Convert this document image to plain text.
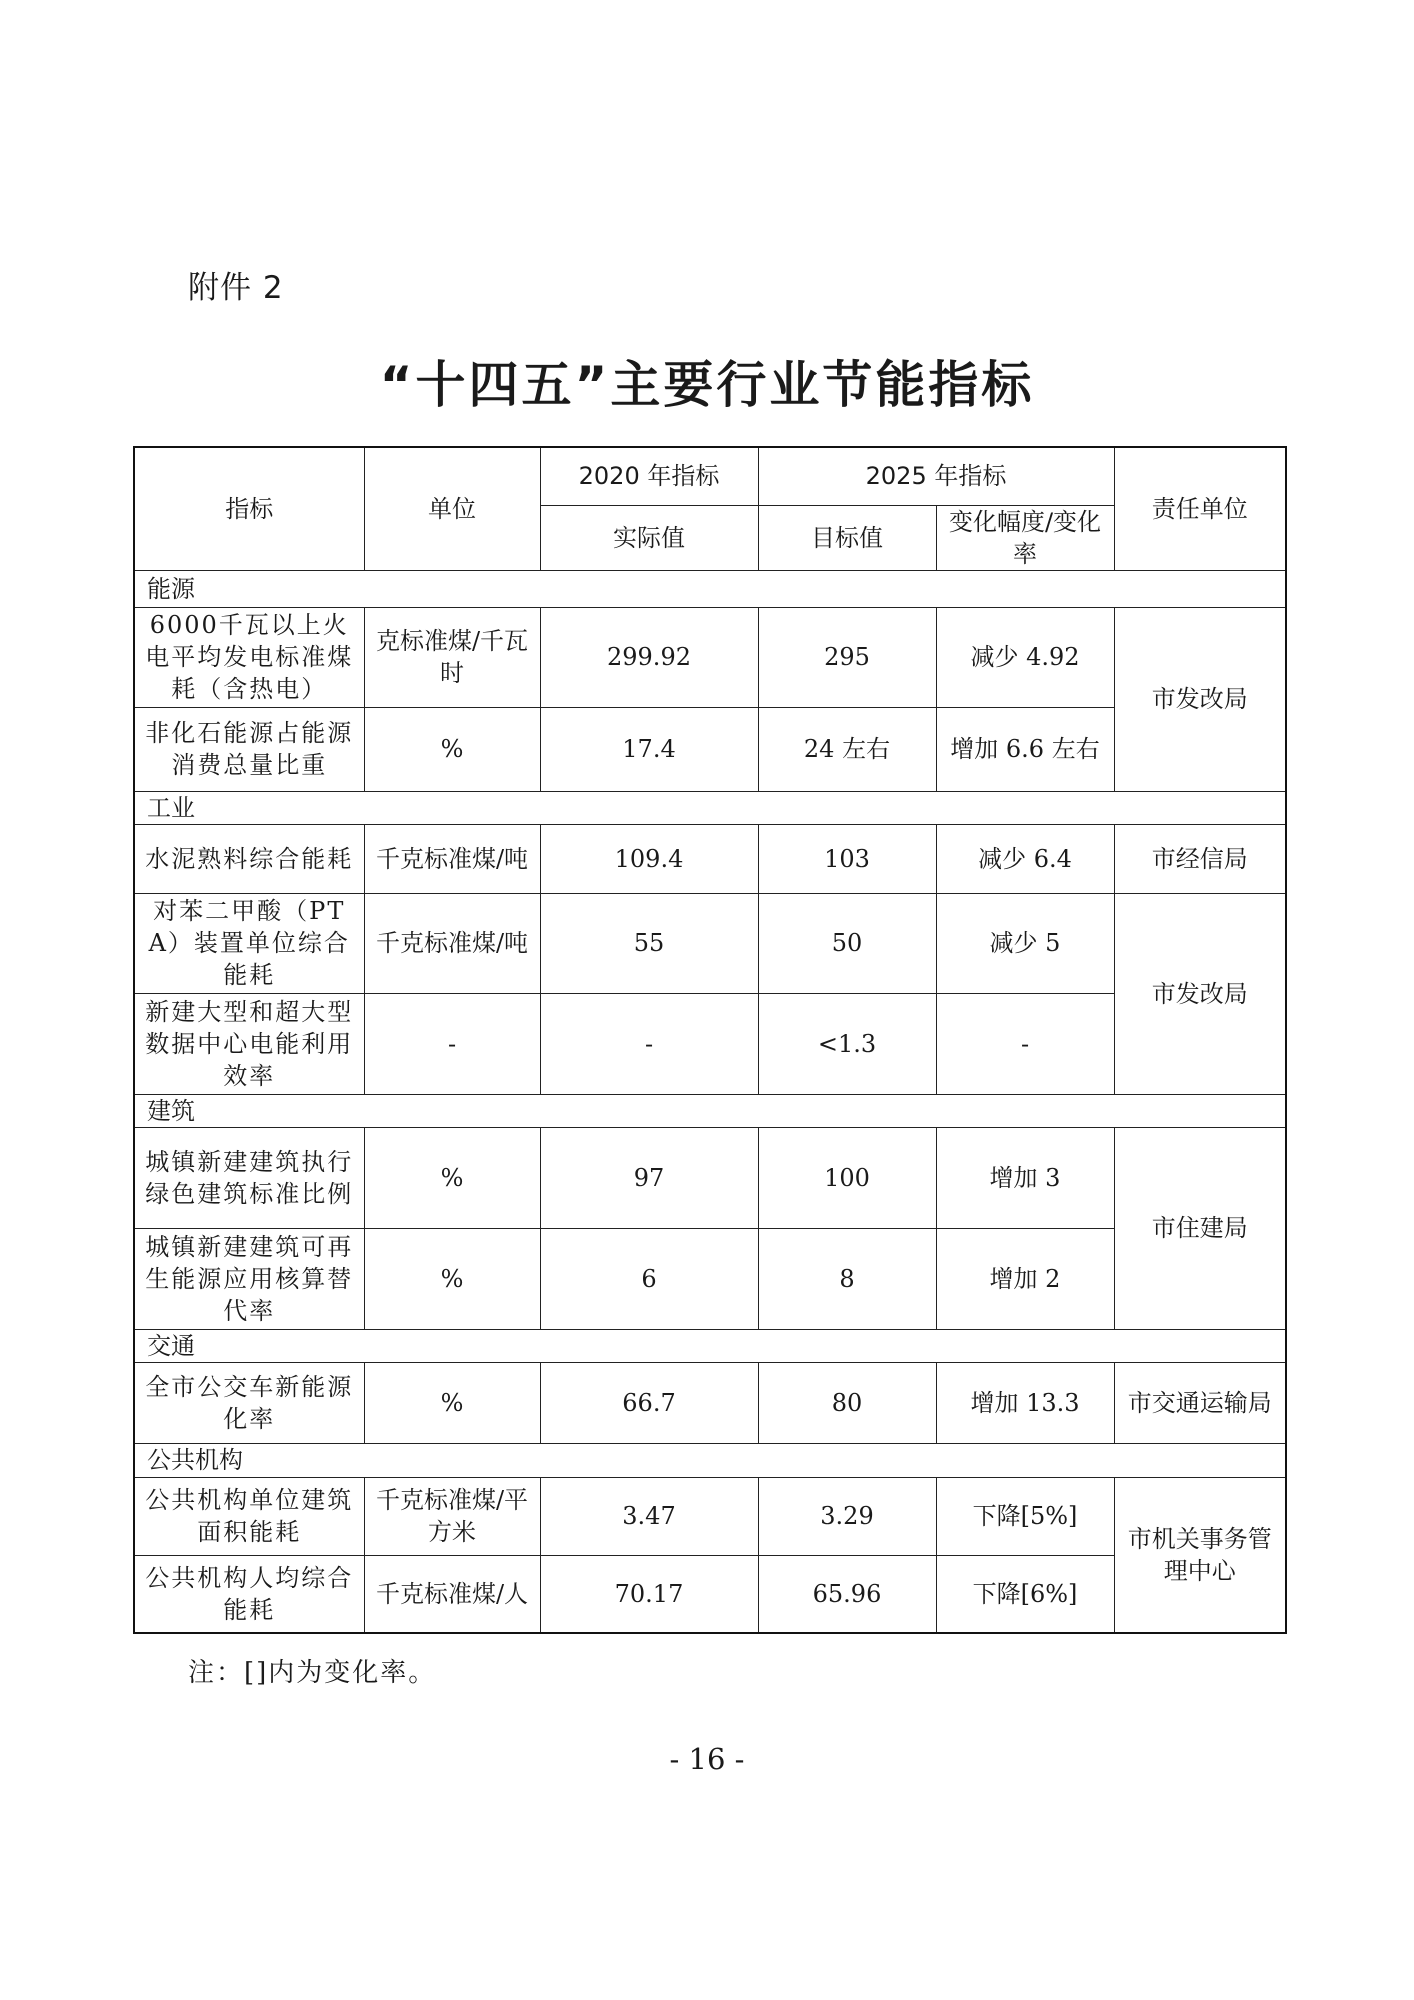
附件 2
“十四五”主要行业节能指标
指标	单位	2020 年指标	2025 年指标		责任单位
		实际值	目标值	变化幅度/变化率	
能源					
6000千瓦以上火电平均发电标准煤耗（含热电）	克标准煤/千瓦时	299.92	295	减少 4.92	市发改局
非化石能源占能源消费总量比重	%	17.4	24 左右	增加 6.6 左右	
工业					
水泥熟料综合能耗	千克标准煤/吨	109.4	103	减少 6.4	市经信局
对苯二甲酸（PTA）装置单位综合能耗	千克标准煤/吨	55	50	减少 5	市发改局
新建大型和超大型数据中心电能利用效率	-	-	<1.3	-	
建筑					
城镇新建建筑执行绿色建筑标准比例	%	97	100	增加 3	市住建局
城镇新建建筑可再生能源应用核算替代率	%	6	8	增加 2	
交通					
全市公交车新能源化率	%	66.7	80	增加 13.3	市交通运输局
公共机构					
公共机构单位建筑面积能耗	千克标准煤/平方米	3.47	3.29	下降[5%]	市机关事务管理中心
公共机构人均综合能耗	千克标准煤/人	70.17	65.96	下降[6%]	
注：[]内为变化率。
- 16 -
